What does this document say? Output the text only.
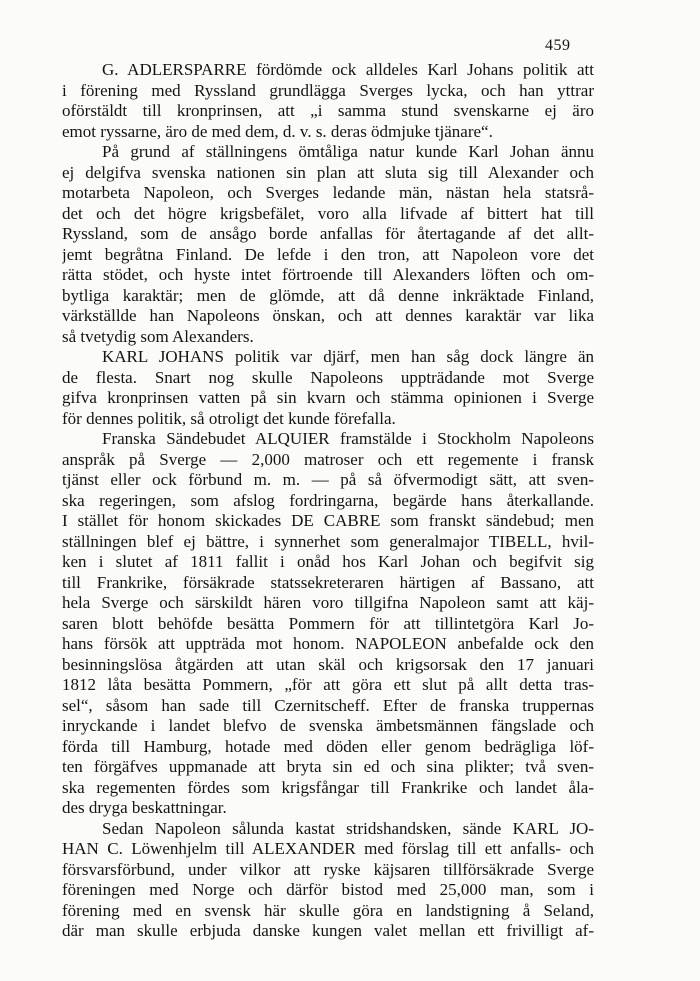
459
G. ADLERSPARRE fördömde ock alldeles Karl Johans politik att
i förening med Ryssland grundlägga Sverges lycka, och han yttrar
oförstäldt till kronprinsen, att „i samma stund svenskarne ej äro
emot ryssarne, äro de med dem, d. v. s. deras ödmjuke tjänare“.
På grund af ställningens ömtåliga natur kunde Karl Johan ännu
ej delgifva svenska nationen sin plan att sluta sig till Alexander och
motarbeta Napoleon, och Sverges ledande män, nästan hela statsrå-
det och det högre krigsbefälet, voro alla lifvade af bittert hat till
Ryssland, som de ansågo borde anfallas för återtagande af det allt-
jemt begråtna Finland. De lefde i den tron, att Napoleon vore det
rätta stödet, och hyste intet förtroende till Alexanders löften och om-
bytliga karaktär; men de glömde, att då denne inkräktade Finland,
värkställde han Napoleons önskan, och att dennes karaktär var lika
så tvetydig som Alexanders.
KARL JOHANS politik var djärf, men han såg dock längre än
de flesta. Snart nog skulle Napoleons uppträdande mot Sverge
gifva kronprinsen vatten på sin kvarn och stämma opinionen i Sverge
för dennes politik, så otroligt det kunde förefalla.
Franska Sändebudet ALQUIER framstälde i Stockholm Napoleons
anspråk på Sverge — 2,000 matroser och ett regemente i fransk
tjänst eller ock förbund m. m. — på så öfvermodigt sätt, att sven-
ska regeringen, som afslog fordringarna, begärde hans återkallande.
I stället för honom skickades DE CABRE som franskt sändebud; men
ställningen blef ej bättre, i synnerhet som generalmajor TIBELL, hvil-
ken i slutet af 1811 fallit i onåd hos Karl Johan och begifvit sig
till Frankrike, försäkrade statssekreteraren härtigen af Bassano, att
hela Sverge och särskildt hären voro tillgifna Napoleon samt att käj-
saren blott behöfde besätta Pommern för att tillintetgöra Karl Jo-
hans försök att uppträda mot honom. NAPOLEON anbefalde ock den
besinningslösa åtgärden att utan skäl och krigsorsak den 17 januari
1812 låta besätta Pommern, „för att göra ett slut på allt detta tras-
sel“, såsom han sade till Czernitscheff. Efter de franska truppernas
inryckande i landet blefvo de svenska ämbetsmännen fängslade och
förda till Hamburg, hotade med döden eller genom bedrägliga löf-
ten förgäfves uppmanade att bryta sin ed och sina plikter; två sven-
ska regementen fördes som krigsfångar till Frankrike och landet åla-
des dryga beskattningar.
Sedan Napoleon sålunda kastat stridshandsken, sände KARL JO-
HAN C. Löwenhjelm till ALEXANDER med förslag till ett anfalls- och
försvarsförbund, under vilkor att ryske käjsaren tillförsäkrade Sverge
föreningen med Norge och därför bistod med 25,000 man, som i
förening med en svensk här skulle göra en landstigning å Seland,
där man skulle erbjuda danske kungen valet mellan ett frivilligt af-
